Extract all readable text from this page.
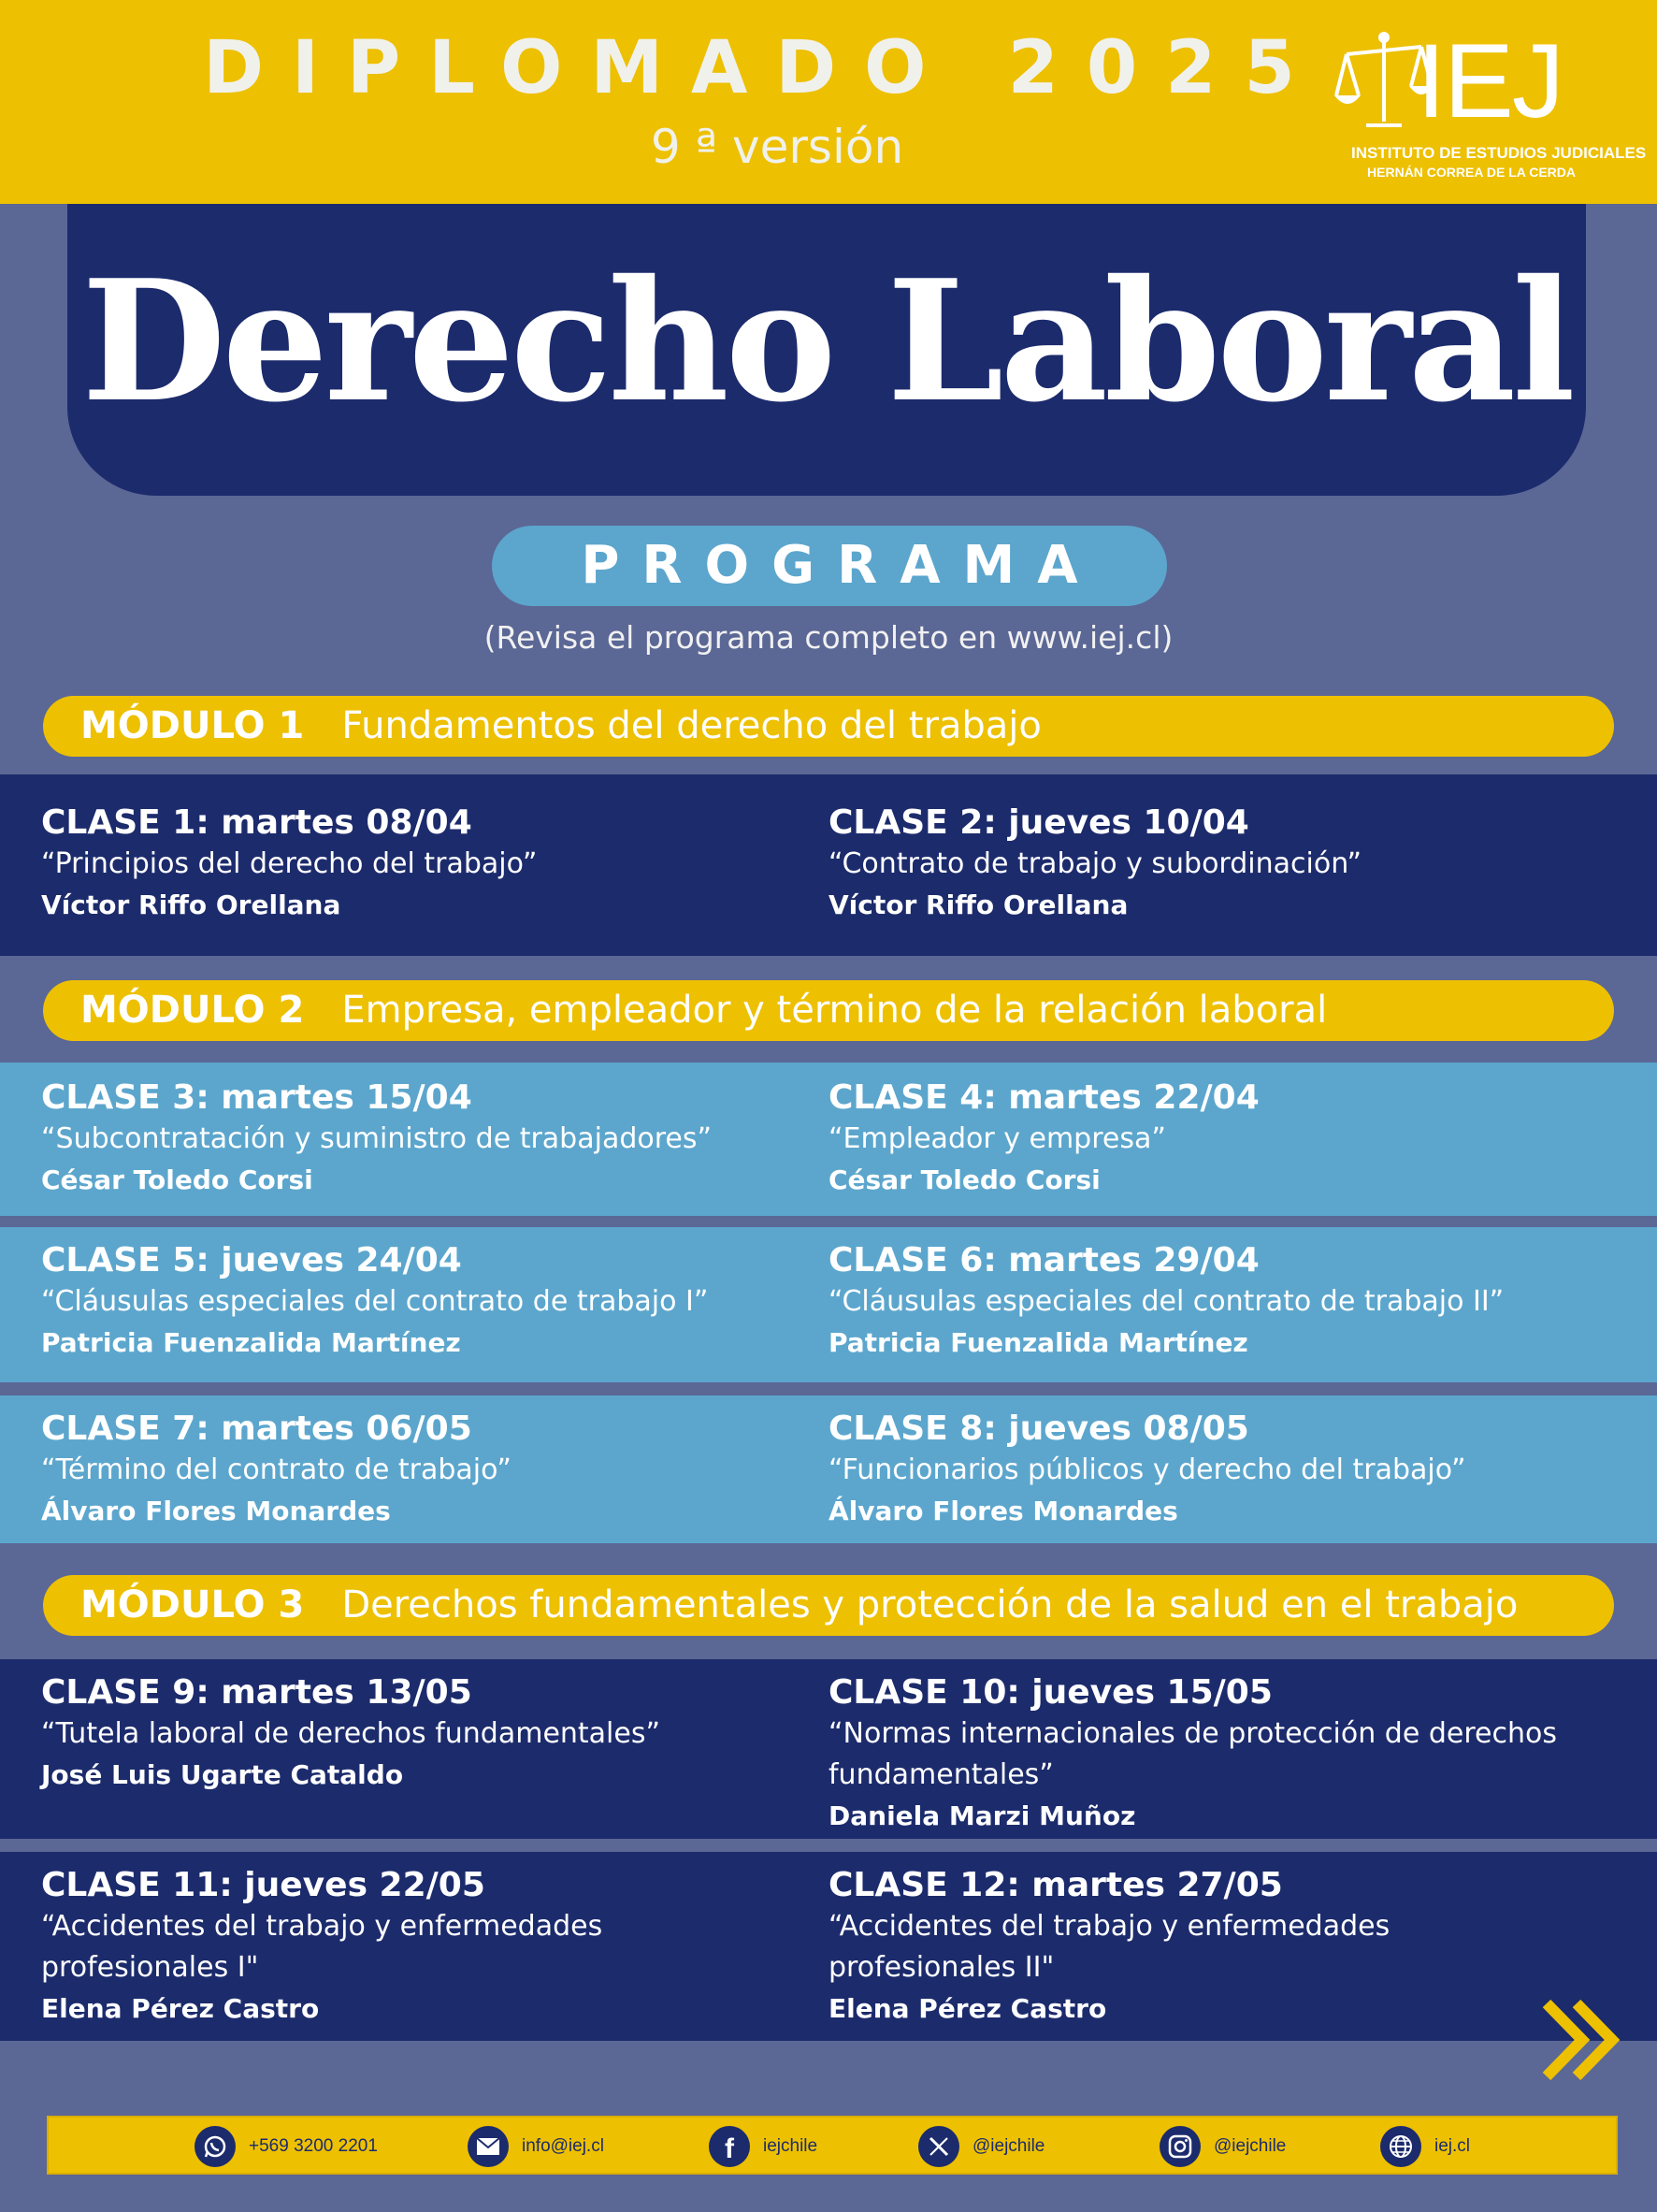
DIPLOMADO 2025
9 ª versión
IEJ
INSTITUTO DE ESTUDIOS JUDICIALES
HERNÁN CORREA DE LA CERDA
Derecho Laboral
PROGRAMA
(Revisa el programa completo en www.iej.cl)
MÓDULO 1 Fundamentos del derecho del trabajo
CLASE 1: martes 08/04
“Principios del derecho del trabajo”
Víctor Riffo Orellana
CLASE 2: jueves 10/04
“Contrato de trabajo y subordinación”
Víctor Riffo Orellana
MÓDULO 2 Empresa, empleador y término de la relación laboral
CLASE 3: martes 15/04
“Subcontratación y suministro de trabajadores”
César Toledo Corsi
CLASE 4: martes 22/04
“Empleador y empresa”
César Toledo Corsi
CLASE 5: jueves 24/04
“Cláusulas especiales del contrato de trabajo I”
Patricia Fuenzalida Martínez
CLASE 6: martes 29/04
“Cláusulas especiales del contrato de trabajo II”
Patricia Fuenzalida Martínez
CLASE 7: martes 06/05
“Término del contrato de trabajo”
Álvaro Flores Monardes
CLASE 8: jueves 08/05
“Funcionarios públicos y derecho del trabajo”
Álvaro Flores Monardes
MÓDULO 3 Derechos fundamentales y protección de la salud en el trabajo
CLASE 9: martes 13/05
“Tutela laboral de derechos fundamentales”
José Luis Ugarte Cataldo
CLASE 10: jueves 15/05
“Normas internacionales de protección de derechos fundamentales”
Daniela Marzi Muñoz
CLASE 11: jueves 22/05
“Accidentes del trabajo y enfermedades profesionales I"
Elena Pérez Castro
CLASE 12: martes 27/05
“Accidentes del trabajo y enfermedades profesionales II"
Elena Pérez Castro
+569 3200 2201	info@iej.cl	f iejchile	@iejchile	@iejchile	iej.cl
